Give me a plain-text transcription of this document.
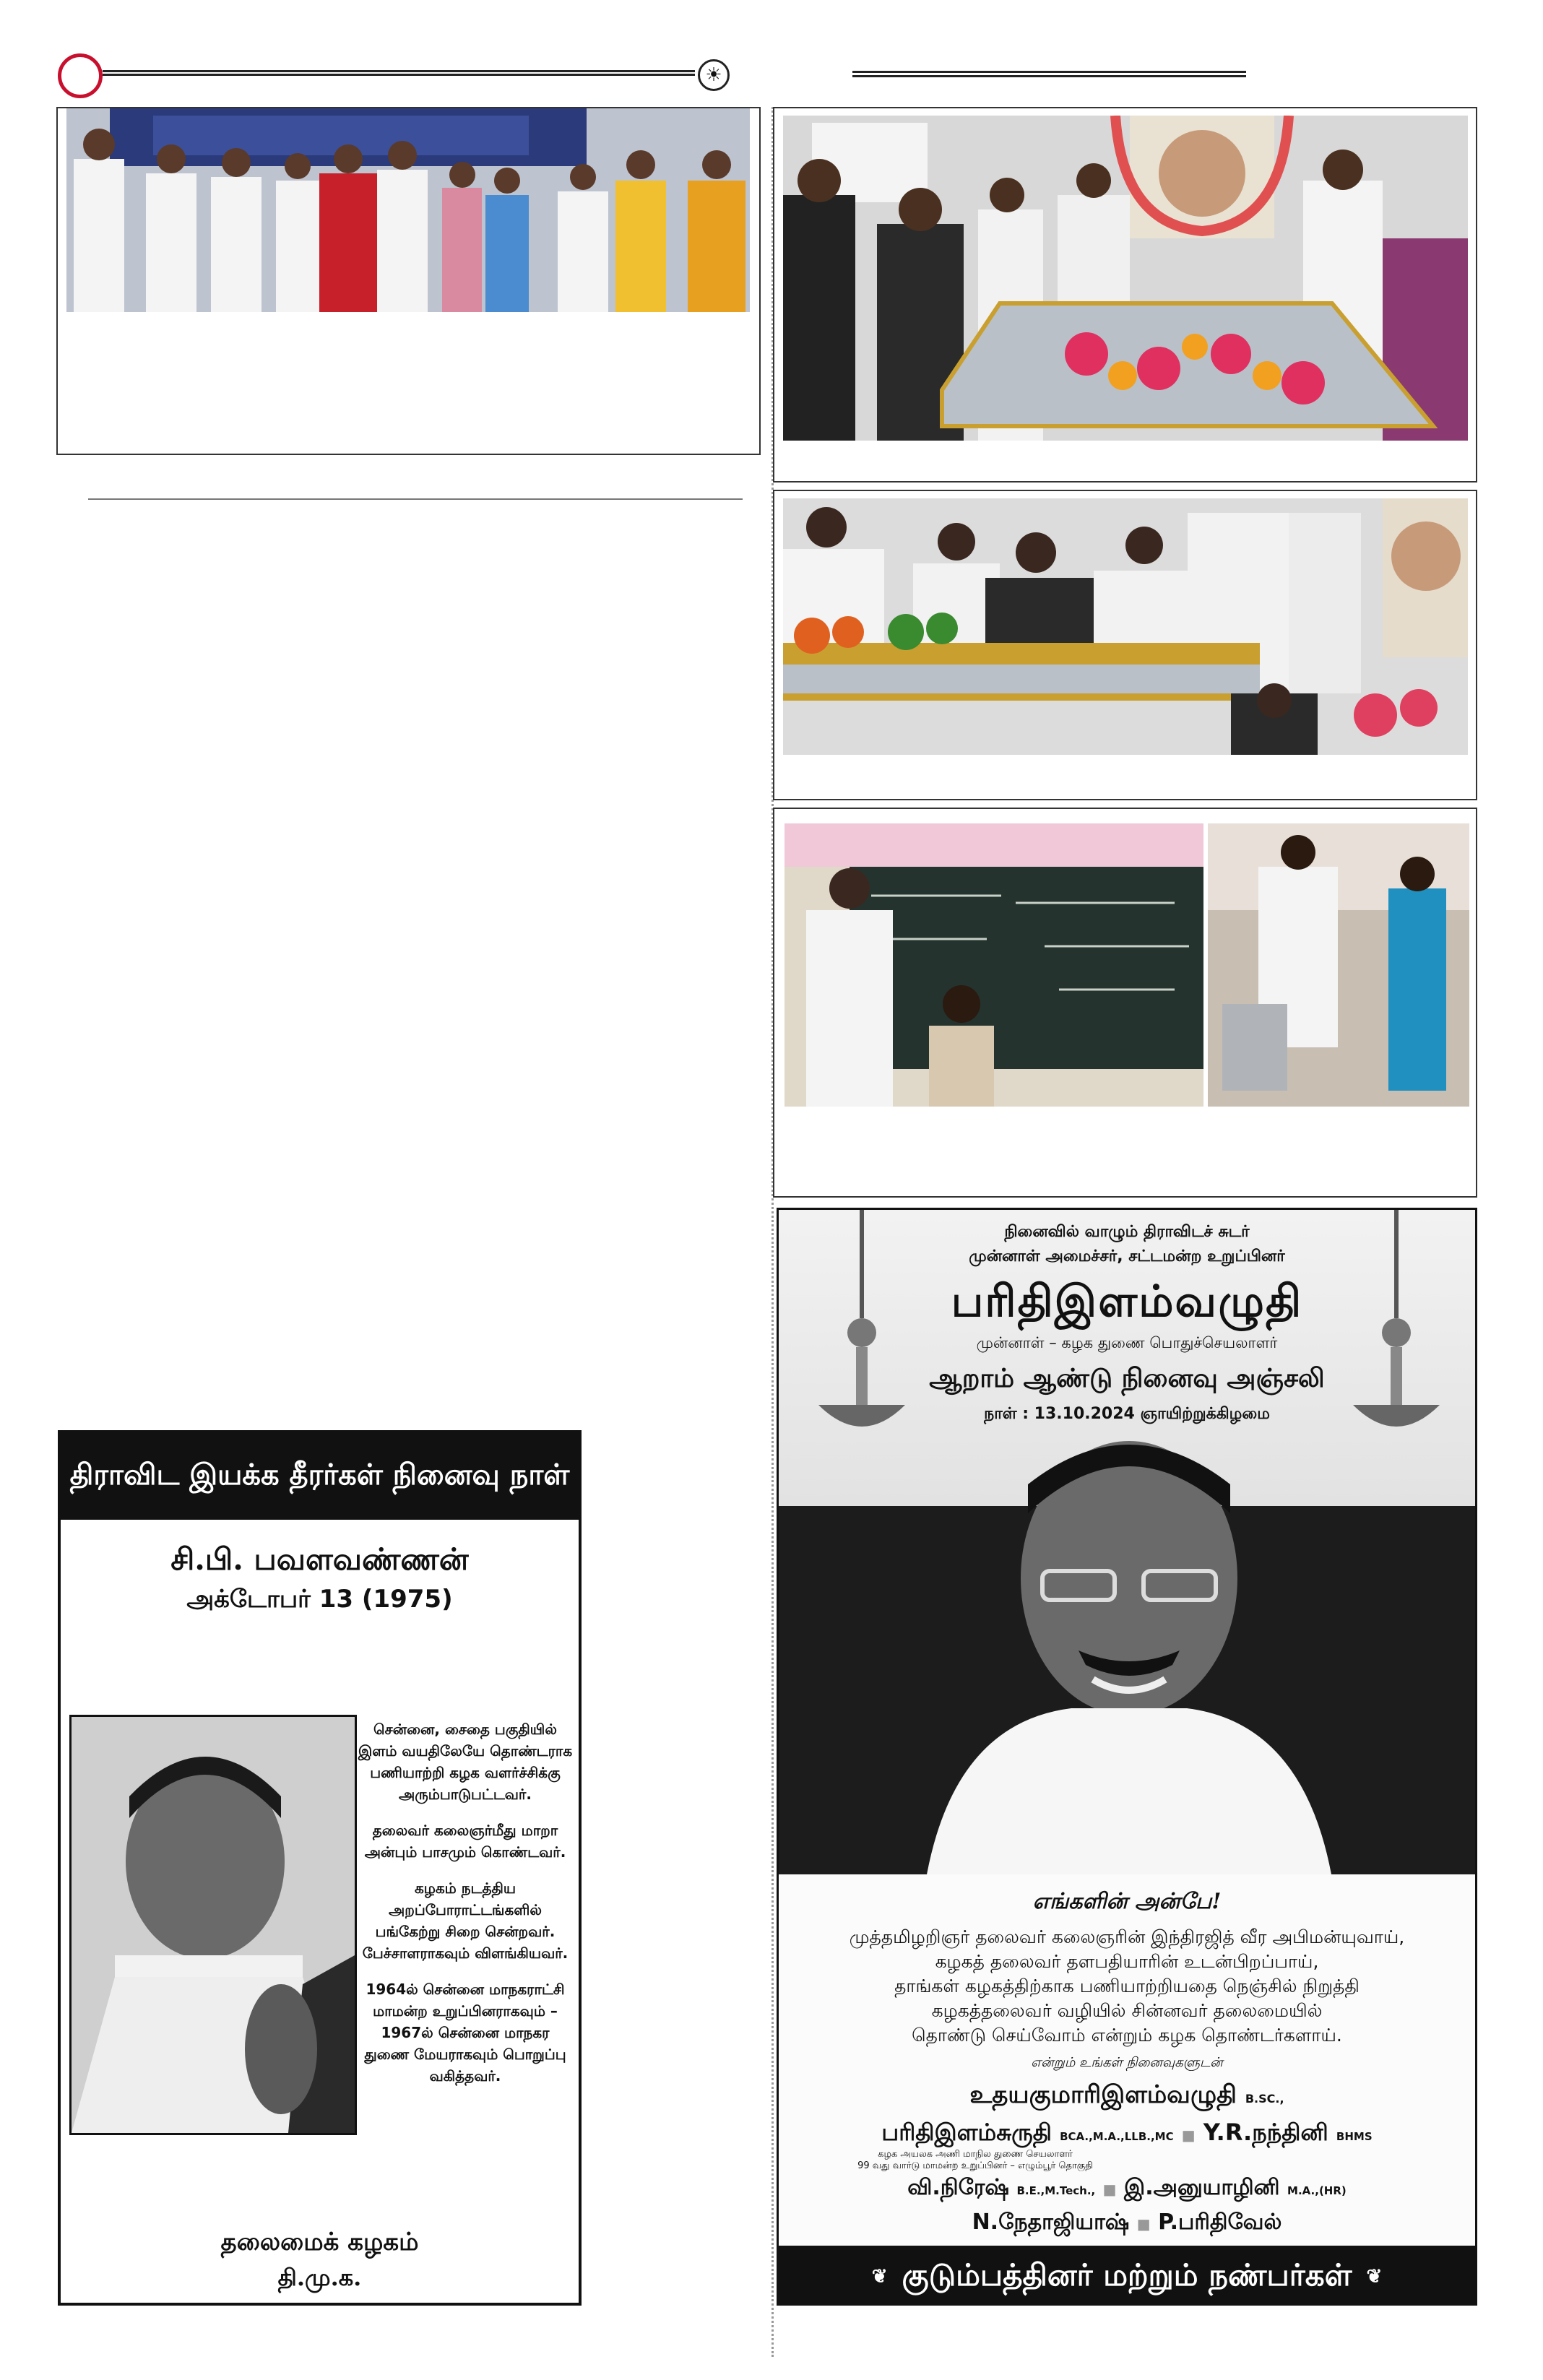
☀
திராவிட இயக்க தீரர்கள் நினைவு நாள்
சி.பி. பவளவண்ணன்
அக்டோபர் 13 (1975)

சென்னை, சைதை பகுதியில் இளம் வயதிலேயே தொண்டராக பணியாற்றி கழக வளர்ச்சிக்கு அரும்பாடுபட்டவர்.

தலைவர் கலைஞர்மீது மாறா அன்பும் பாசமும் கொண்டவர்.

கழகம் நடத்திய அறப்போராட்டங்களில் பங்கேற்று சிறை சென்றவர். பேச்சாளராகவும் விளங்கியவர்.

1964ல் சென்னை மாநகராட்சி மாமன்ற உறுப்பினராகவும் – 1967ல் சென்னை மாநகர துணை மேயராகவும் பொறுப்பு வகித்தவர்.

தலைமைக் கழகம்
தி.மு.க.
நினைவில் வாழும் திராவிடச் சுடர்
முன்னாள் அமைச்சர், சட்டமன்ற உறுப்பினர்
பரிதிஇளம்வழுதி
முன்னாள் – கழக துணை பொதுச்செயலாளர்
ஆறாம் ஆண்டு நினைவு அஞ்சலி
நாள் : 13.10.2024 ஞாயிற்றுக்கிழமை
எங்களின் அன்பே!
முத்தமிழறிஞர் தலைவர் கலைஞரின் இந்திரஜித் வீர அபிமன்யுவாய்,
கழகத் தலைவர் தளபதியாரின் உடன்பிறப்பாய்,
தாங்கள் கழகத்திற்காக பணியாற்றியதை நெஞ்சில் நிறுத்தி
கழகத்தலைவர் வழியில் சின்னவர் தலைமையில்
தொண்டு செய்வோம் என்றும் கழக தொண்டர்களாய்.
என்றும் உங்கள் நினைவுகளுடன்
உதயகுமாரிஇளம்வழுதி B.SC.,
பரிதிஇளம்சுருதி BCA.,M.A.,LLB.,MC ■ Y.R.நந்தினி BHMS
கழக அயலக அணி மாநில துணை செயலாளர்
99 வது வார்டு மாமன்ற உறுப்பினர் – எழும்பூர் தொகுதி
வி.நிரேஷ் B.E.,M.Tech., ■ இ.அனுயாழினி M.A.,(HR)
N.நேதாஜியாஷ் ■ P.பரிதிவேல்
❦ குடும்பத்தினர் மற்றும் நண்பர்கள் ❦
